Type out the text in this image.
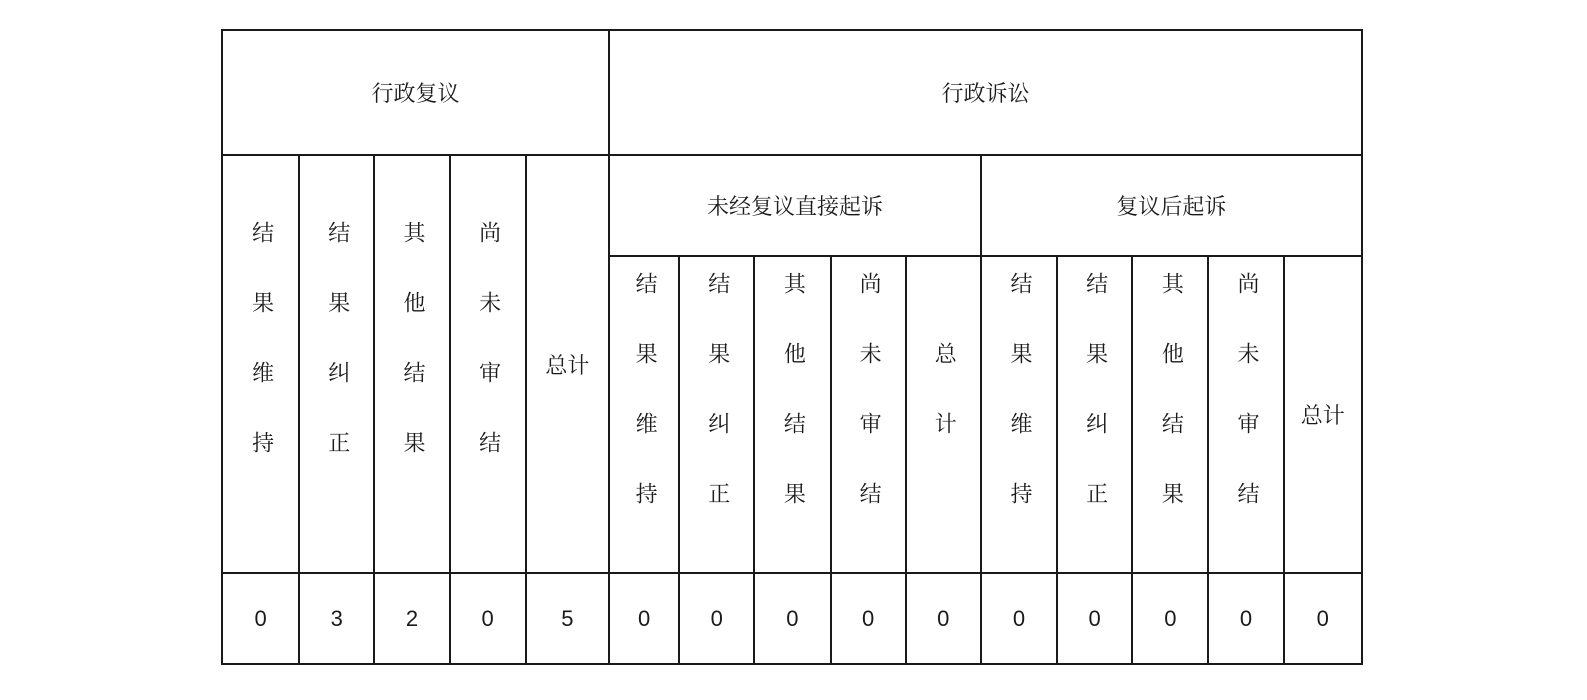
行政复议					行政诉讼									
结果维持	结果纠正	其他结果	尚未审结	总计	未经复议直接起诉					复议后起诉				
					结果维持	结果纠正	其他结果	尚未审结	总计	结果维持	结果纠正	其他结果	尚未审结	总计
0	3	2	0	5	0	0	0	0	0	0	0	0	0	0
